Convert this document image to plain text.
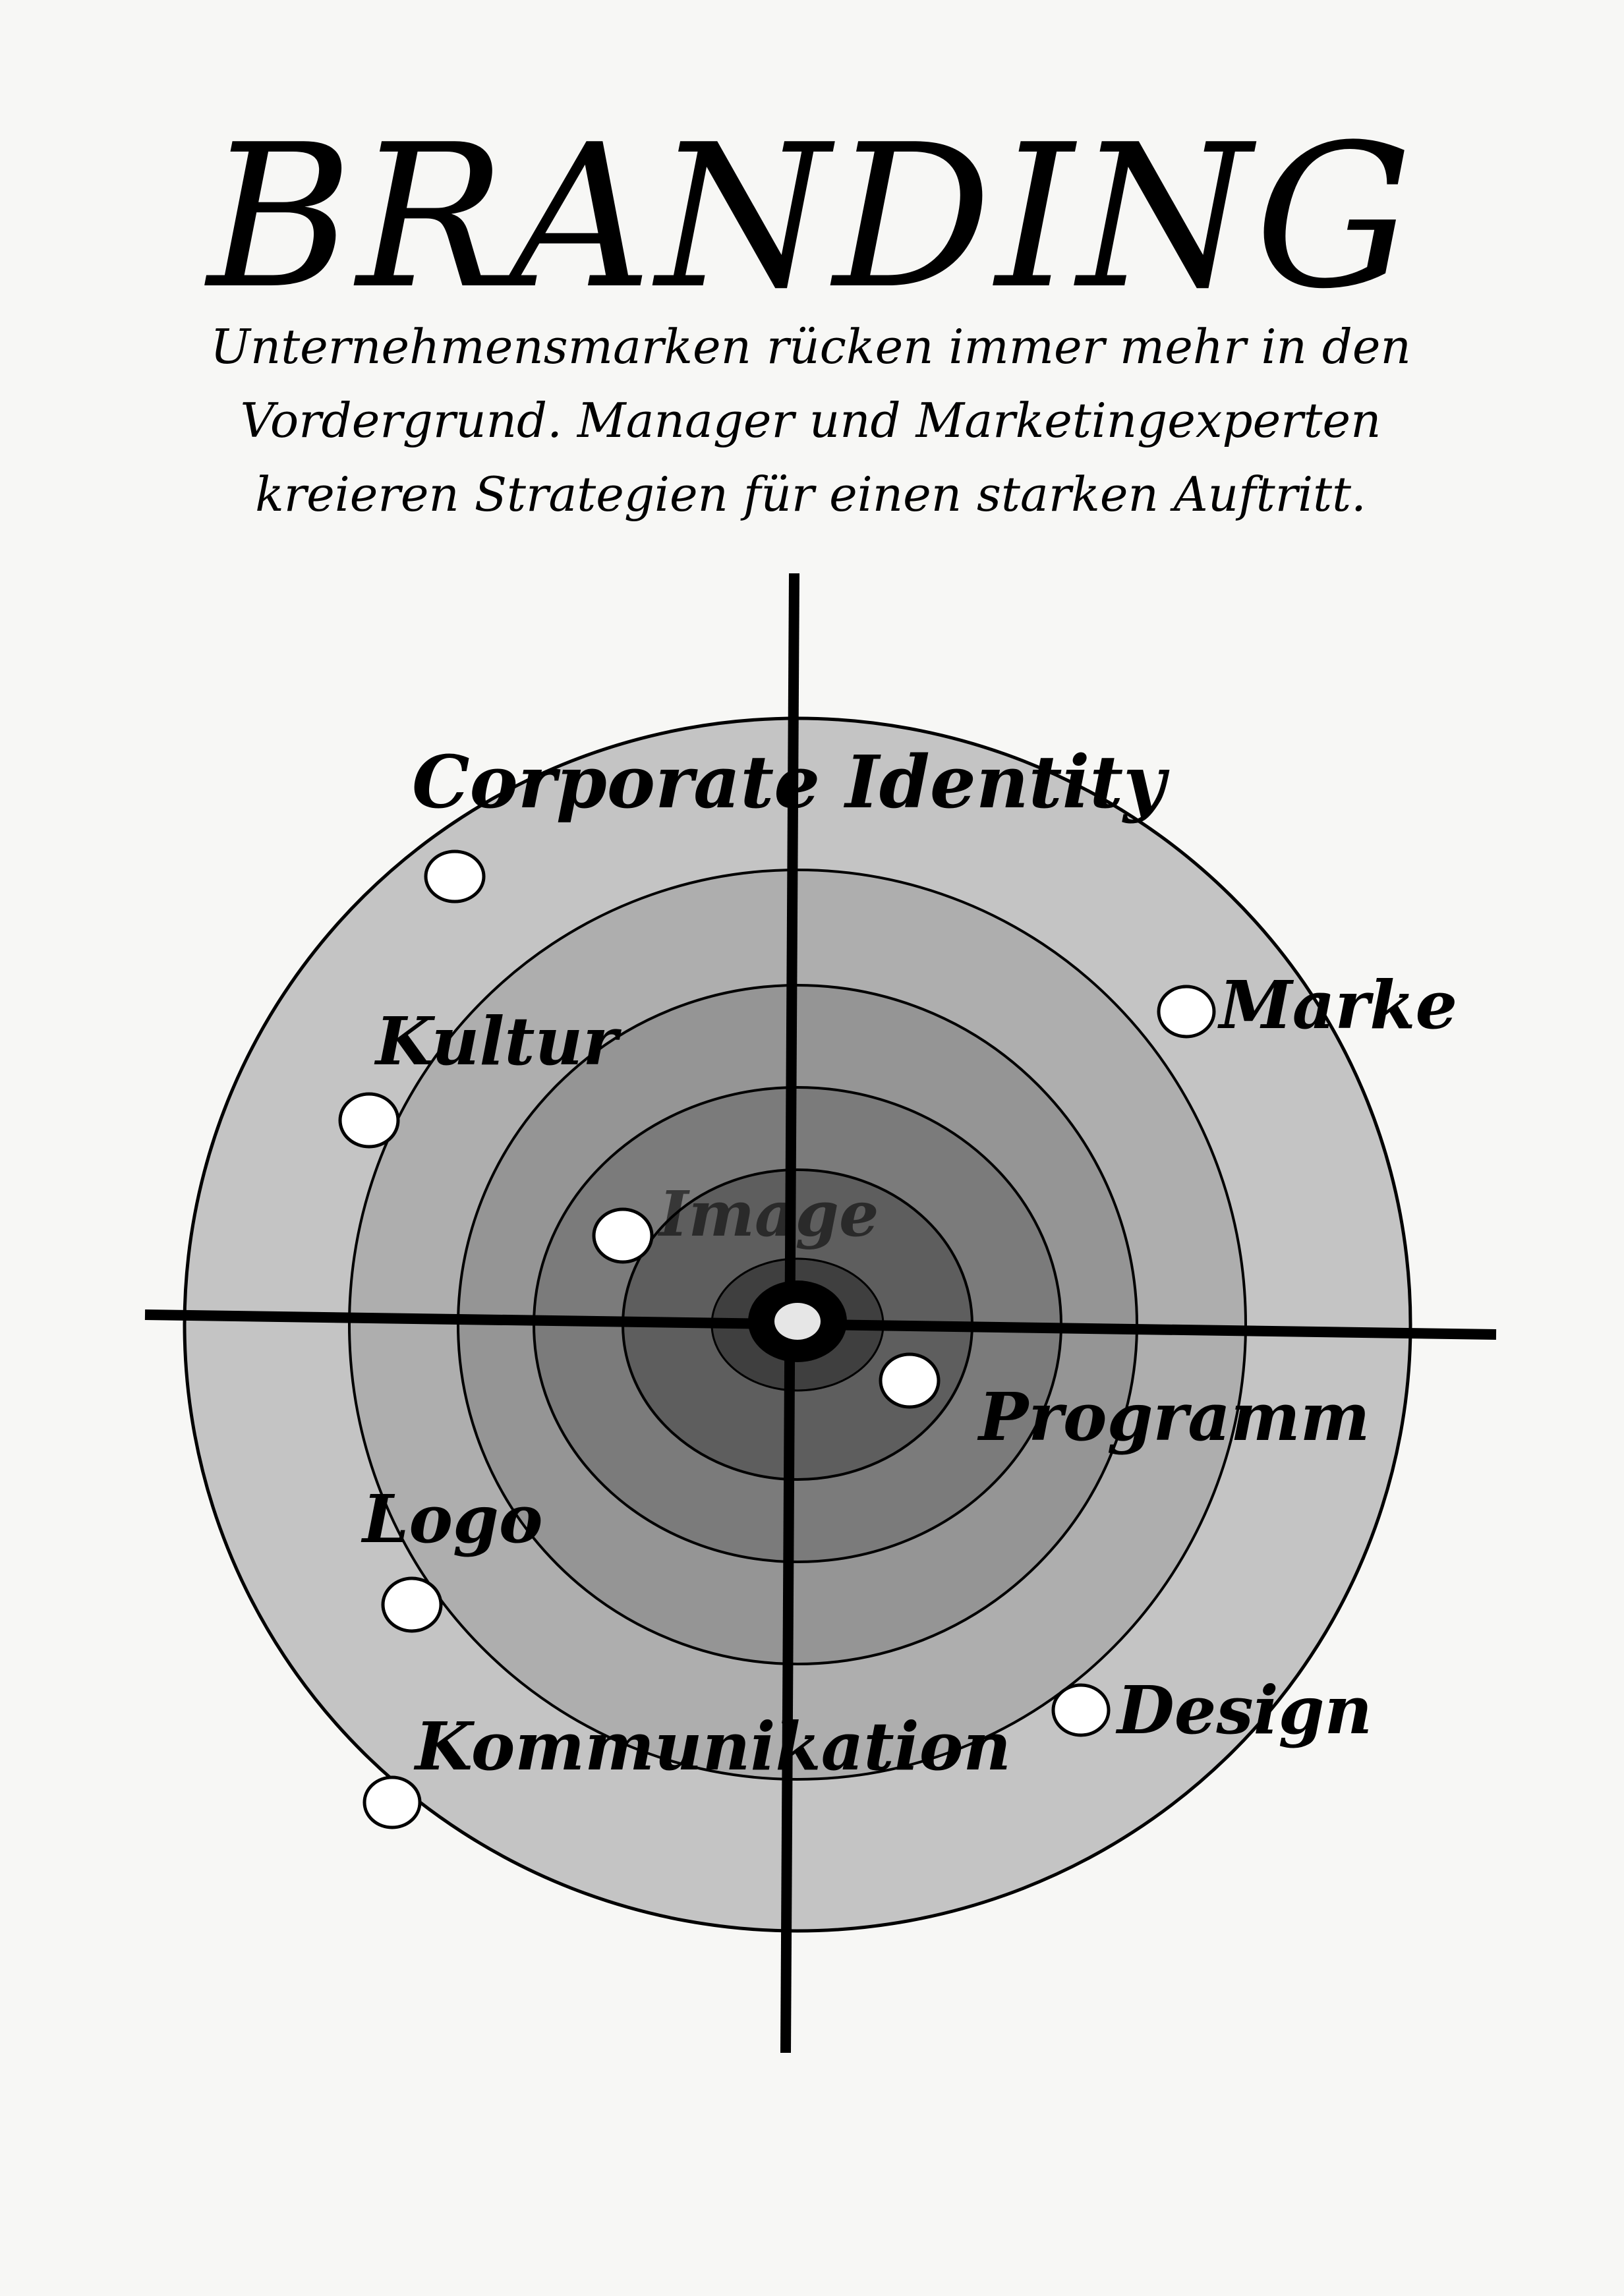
BRANDING
Unternehmensmarken rücken immer mehr in den
Vordergrund. Manager und Marketingexperten
kreieren Strategien für einen starken Auftritt.
Corporate Identity
Marke
Kultur
Image
Programm
Logo
Design
Kommunikation
